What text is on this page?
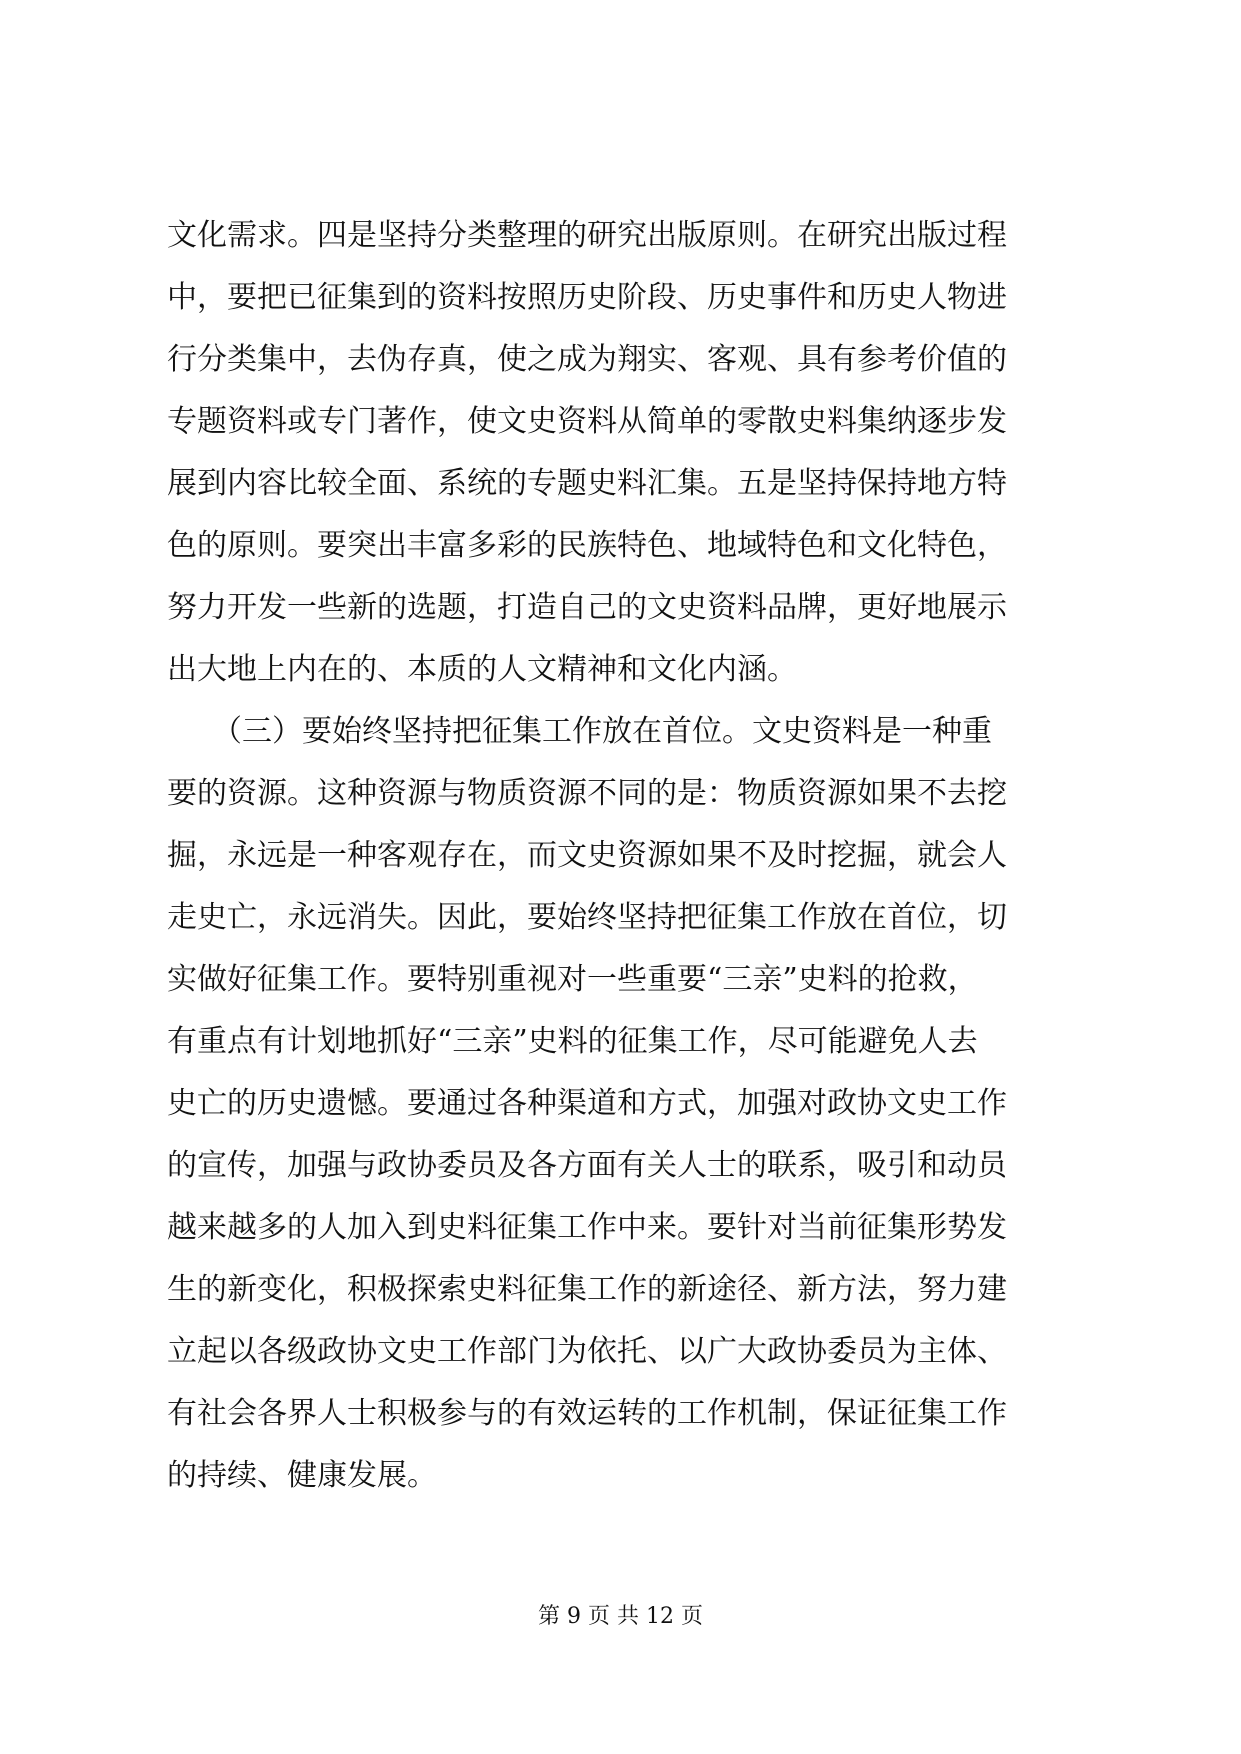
文化需求。四是坚持分类整理的研究出版原则。在研究出版过程
中，要把已征集到的资料按照历史阶段、历史事件和历史人物进
行分类集中，去伪存真，使之成为翔实、客观、具有参考价值的
专题资料或专门著作，使文史资料从简单的零散史料集纳逐步发
展到内容比较全面、系统的专题史料汇集。五是坚持保持地方特
色的原则。要突出丰富多彩的民族特色、地域特色和文化特色，
努力开发一些新的选题，打造自己的文史资料品牌，更好地展示
出大地上内在的、本质的人文精神和文化内涵。
　　（三）要始终坚持把征集工作放在首位。文史资料是一种重
要的资源。这种资源与物质资源不同的是：物质资源如果不去挖
掘，永远是一种客观存在，而文史资源如果不及时挖掘，就会人
走史亡，永远消失。因此，要始终坚持把征集工作放在首位，切
实做好征集工作。要特别重视对一些重要“三亲”史料的抢救，
有重点有计划地抓好“三亲”史料的征集工作，尽可能避免人去
史亡的历史遗憾。要通过各种渠道和方式，加强对政协文史工作
的宣传，加强与政协委员及各方面有关人士的联系，吸引和动员
越来越多的人加入到史料征集工作中来。要针对当前征集形势发
生的新变化，积极探索史料征集工作的新途径、新方法，努力建
立起以各级政协文史工作部门为依托、以广大政协委员为主体、
有社会各界人士积极参与的有效运转的工作机制，保证征集工作
的持续、健康发展。
第 9 页 共 12 页
